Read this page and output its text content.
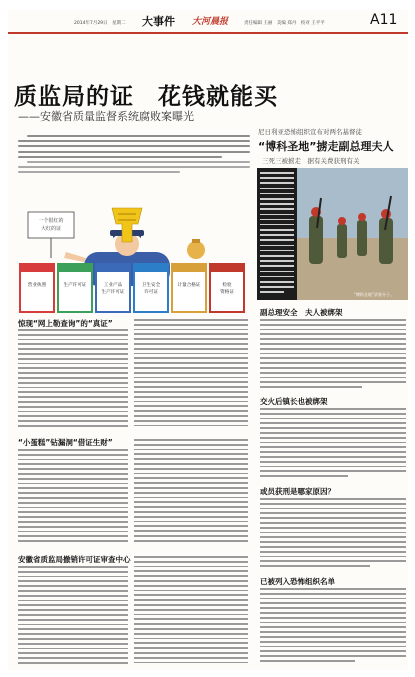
2014年7月29日　星期二 大事件 大河晨报	责任编辑 王丽　美编 郑丹　校对 王平平	A11
质监局的证　花钱就能买
——安徽省质量监督系统腐败案曝光
一个很红的
大红的证
营业执照	生产许可证	工业产品
生产许可证
卫生安全
许可证
计量合格证	检验
资格证
惊现“网上勒查询”的“真证”
“小蛋糕”钻漏洞“借证生财”
安徽省质监局撤销许可证审查中心
尼日利亚恐怖组织宣布对两名基督徒
“博科圣地”掳走副总理夫人
三死三被掳走　据有关费获刑有关
“博科圣地”武装分子。
副总理安全　夫人被绑架
交火后镇长也被绑架
或员获刑是哪家原因？
已被列入恐怖组织名单
